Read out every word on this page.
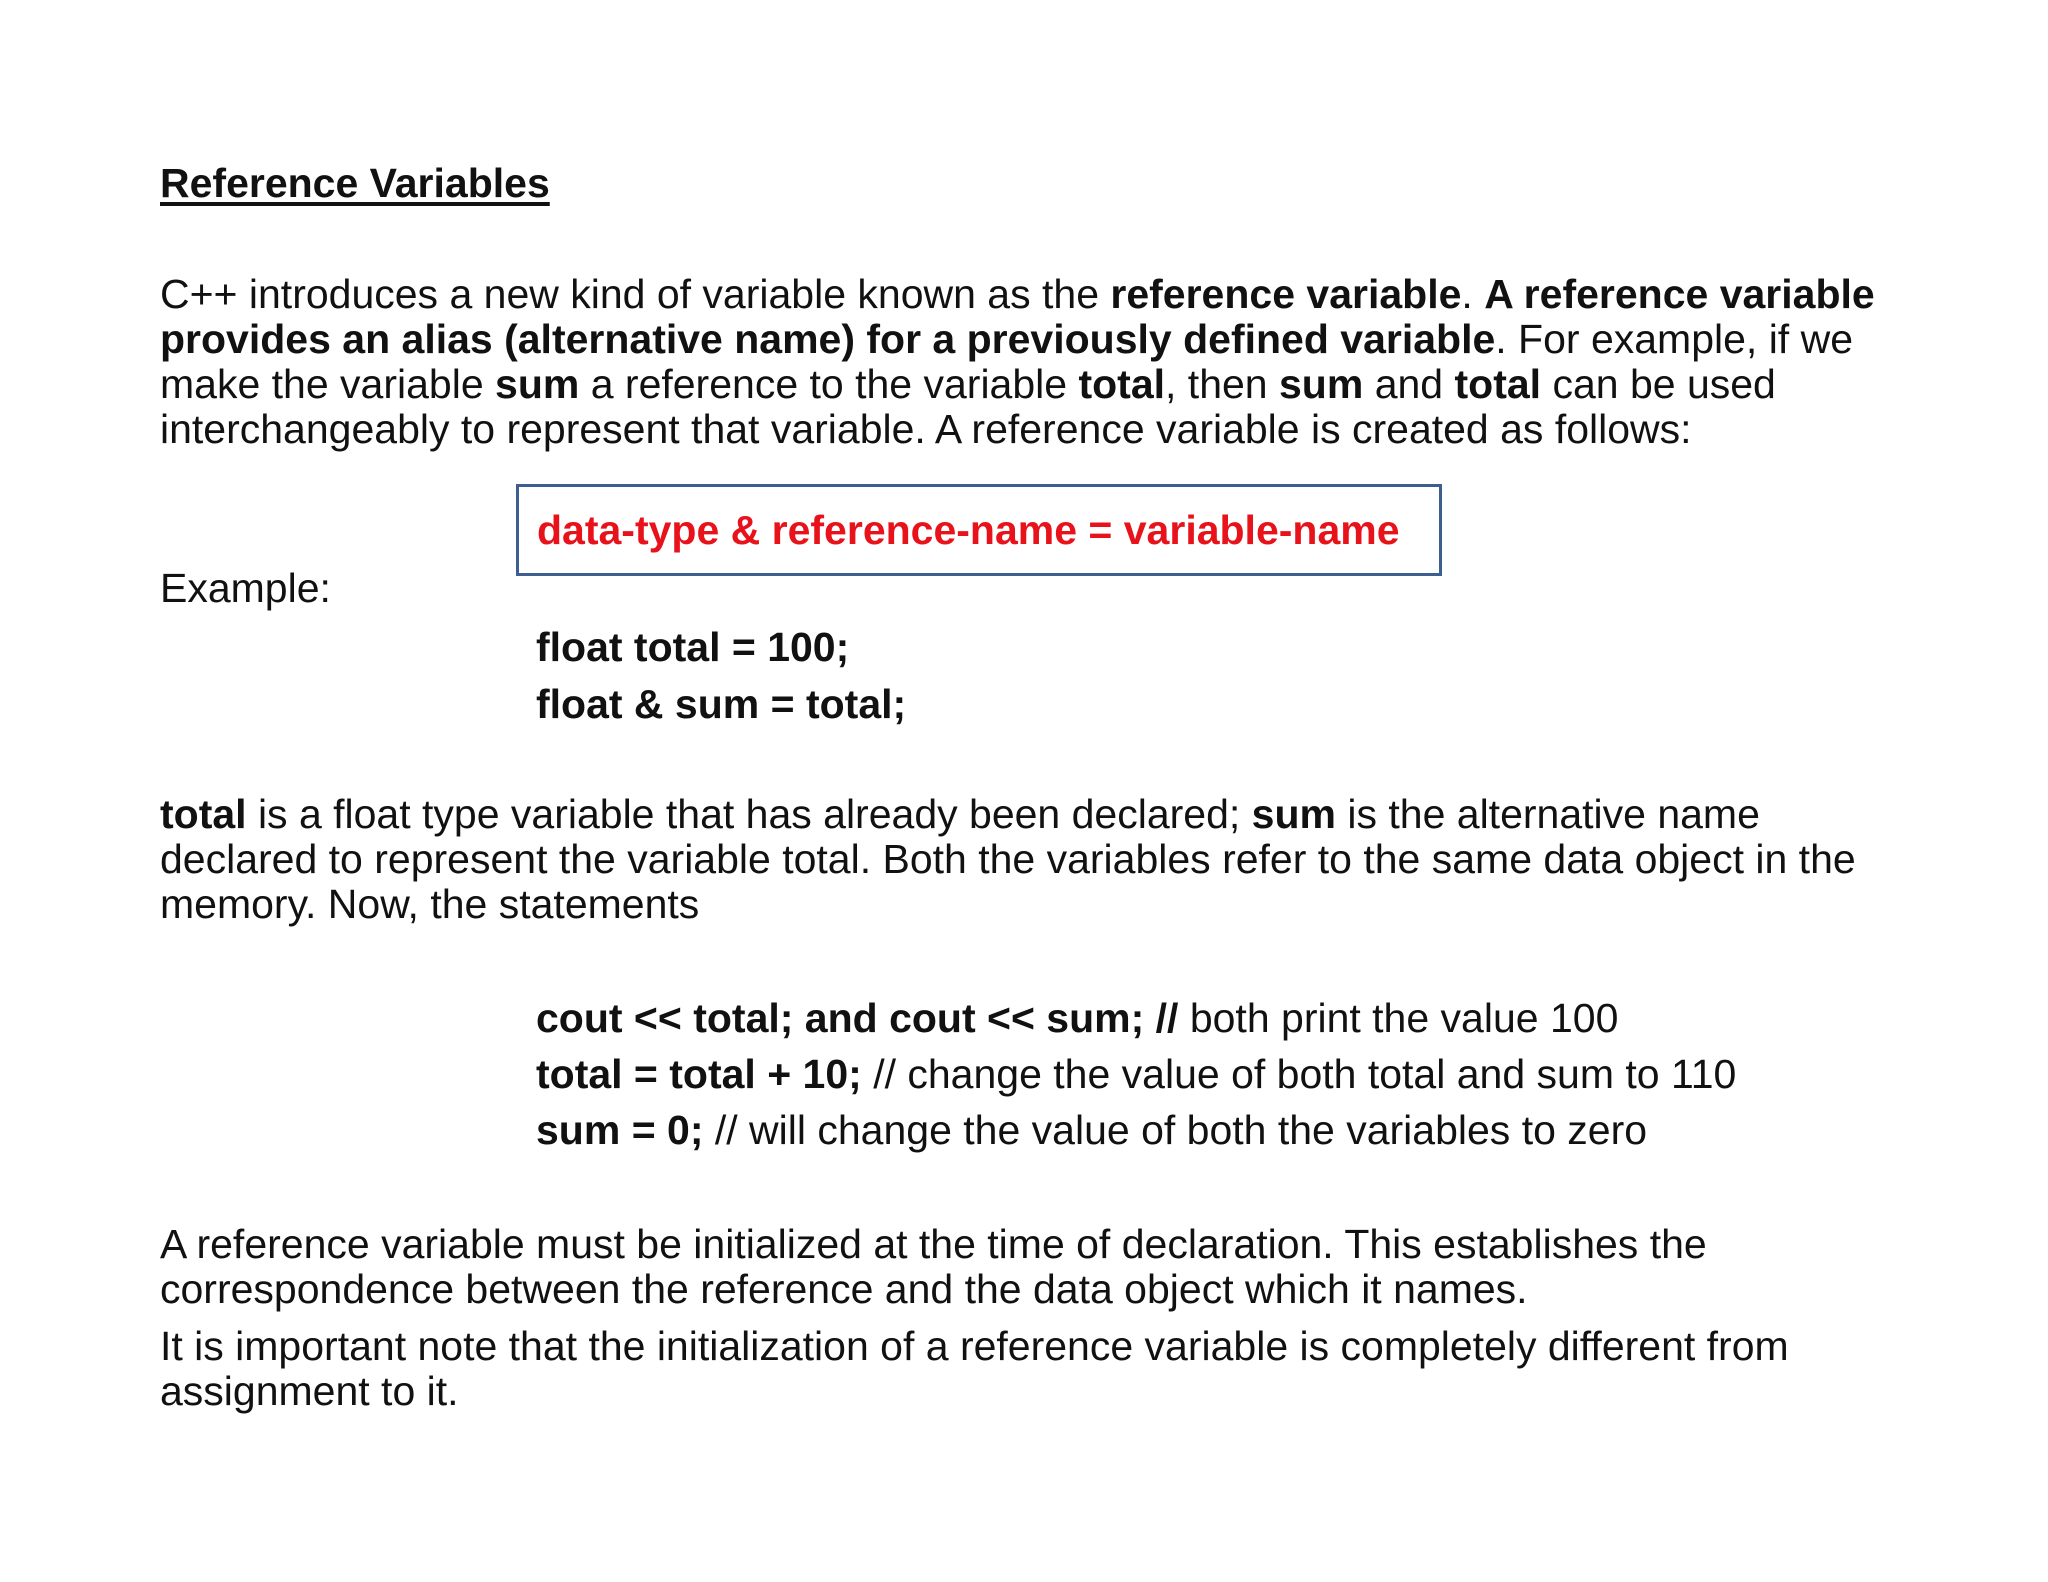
Reference Variables
C++ introduces a new kind of variable known as the reference variable. A reference variable provides an alias (alternative name) for a previously defined variable. For example, if we make the variable sum a reference to the variable total, then sum and total can be used interchangeably to represent that variable. A reference variable is created as follows:
data-type & reference-name = variable-name
Example:
float total = 100;
float & sum = total;
total is a float type variable that has already been declared; sum is the alternative name declared to represent the variable total. Both the variables refer to the same data object in the memory. Now, the statements
cout << total; and cout << sum; // both print the value 100
total = total + 10; // change the value of both total and sum to 110
sum = 0; // will change the value of both the variables to zero
A reference variable must be initialized at the time of declaration. This establishes the correspondence between the reference and the data object which it names.
It is important note that the initialization of a reference variable is completely different from assignment to it.
